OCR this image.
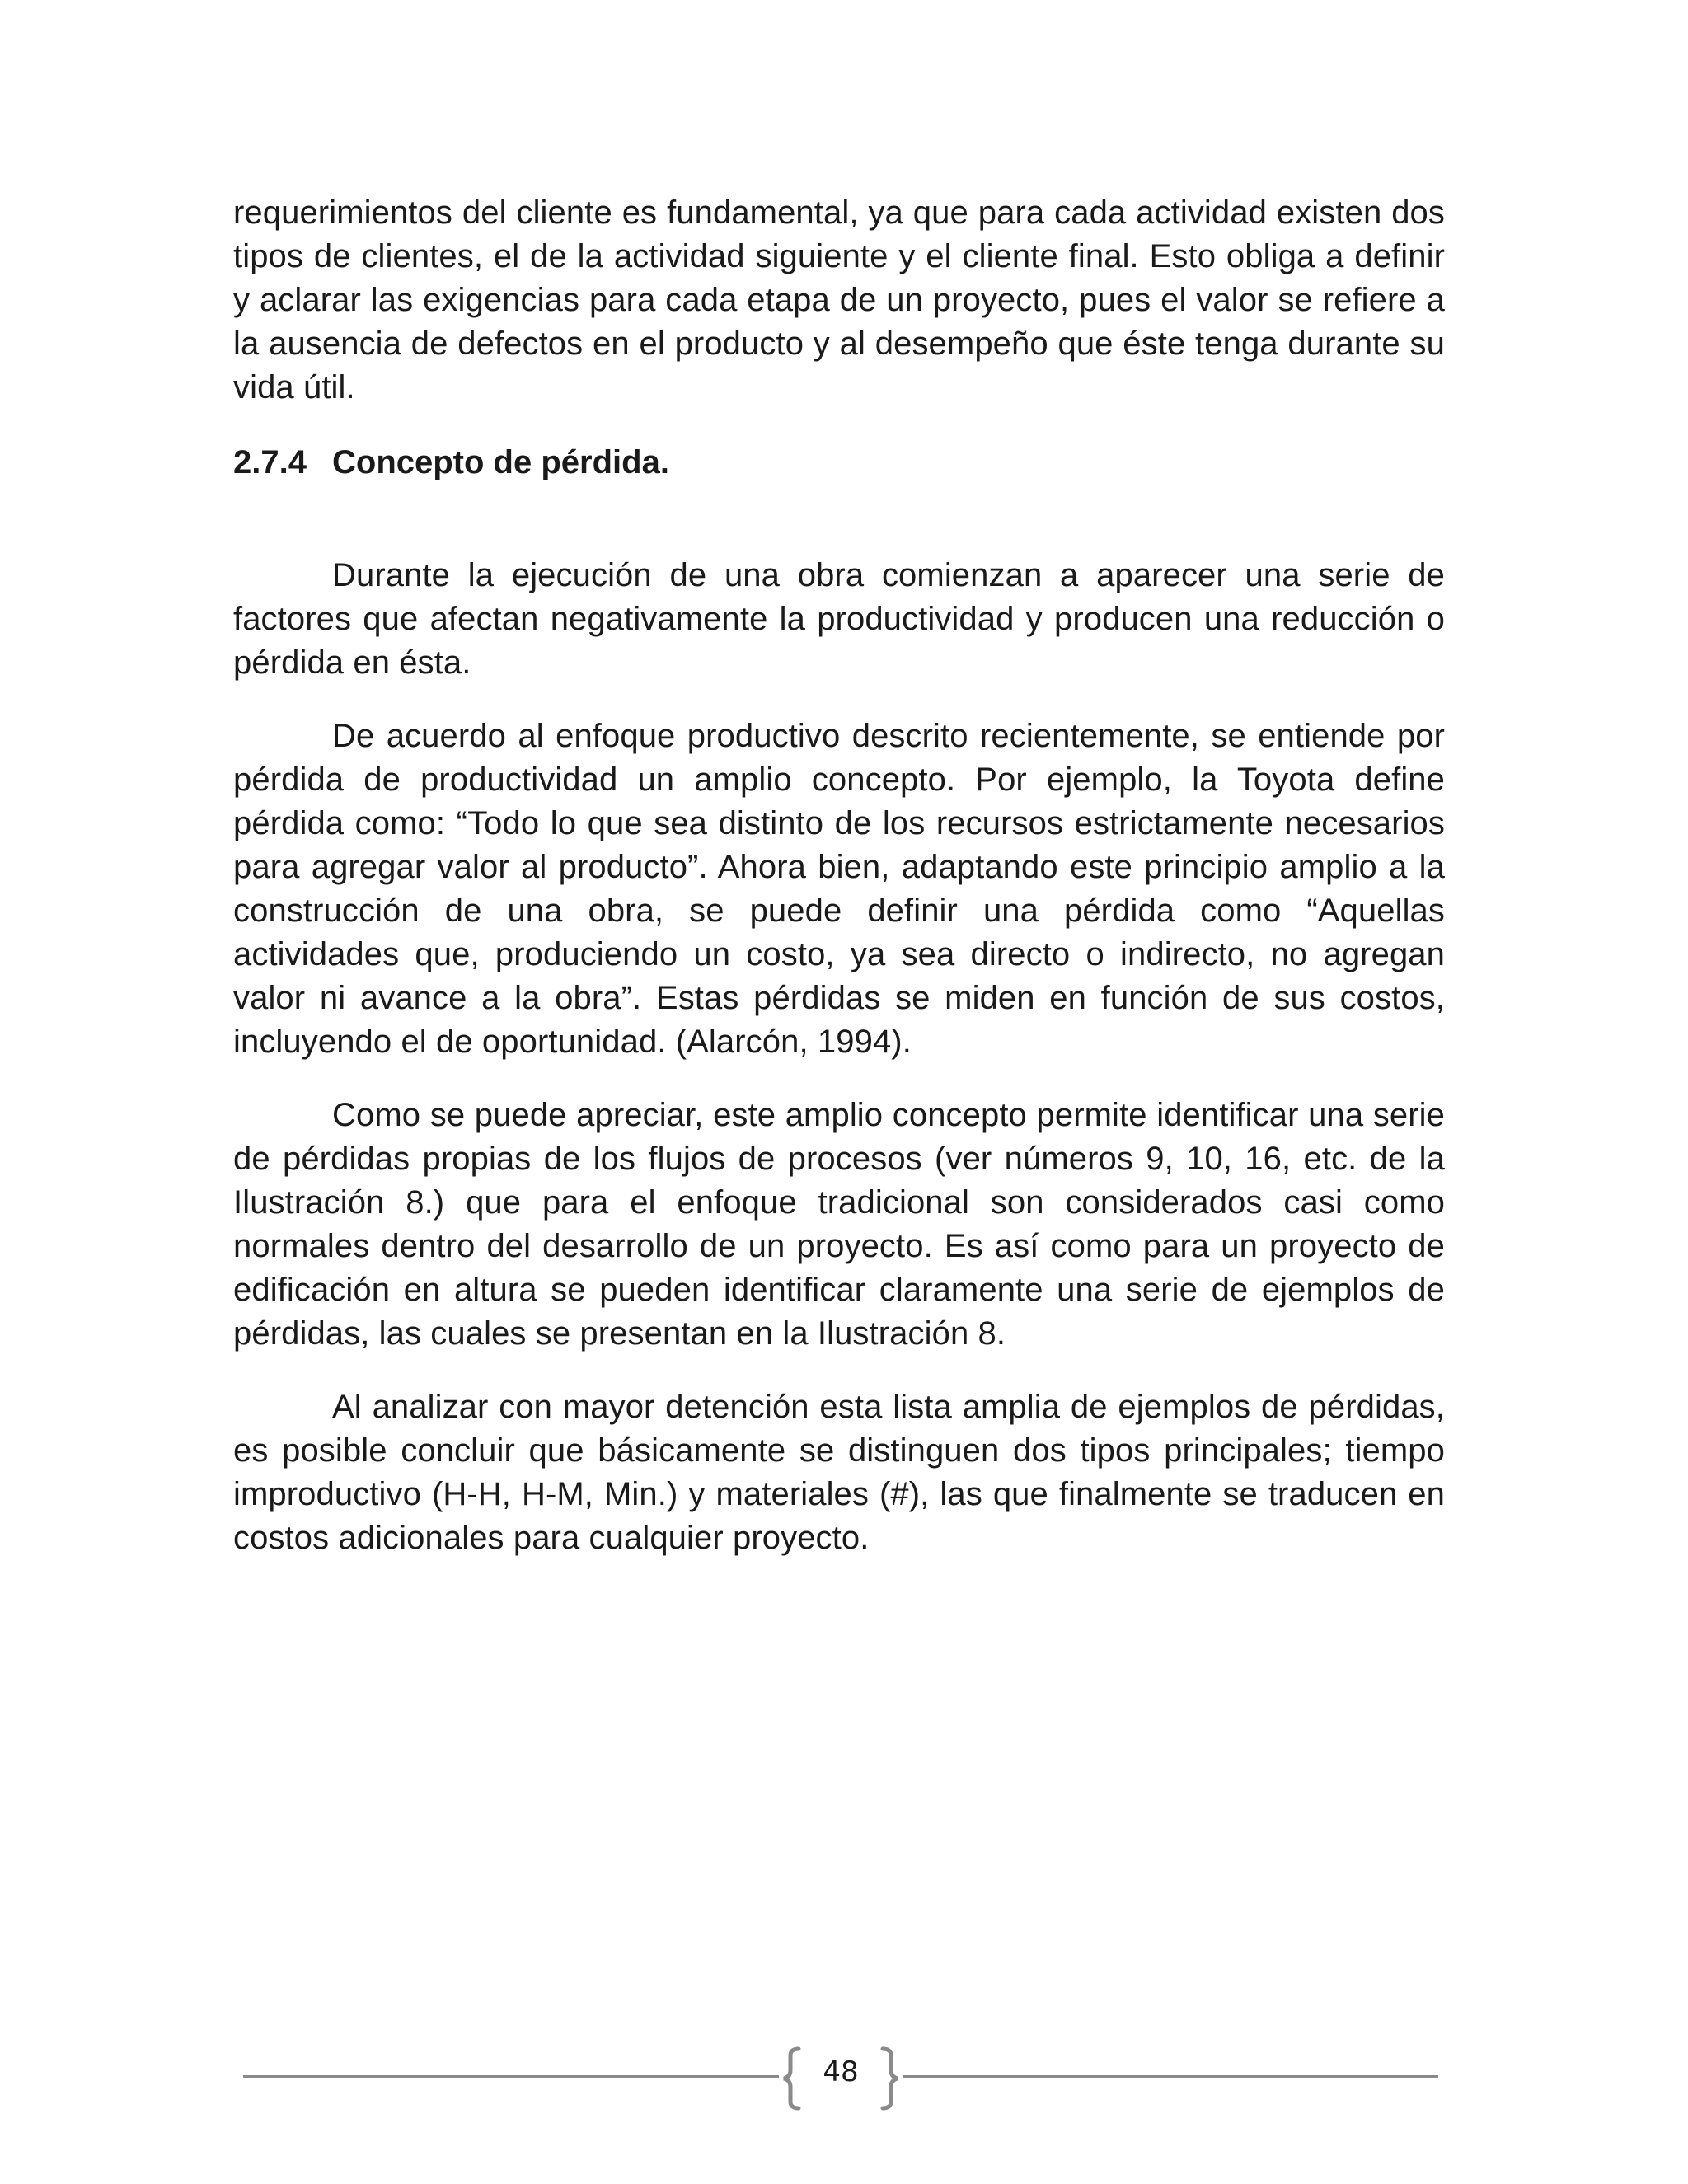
requerimientos del cliente es fundamental, ya que para cada actividad existen dos tipos de clientes, el de la actividad siguiente y el cliente final. Esto obliga a definir y aclarar las exigencias para cada etapa de un proyecto, pues el valor se refiere a la ausencia de defectos en el producto y al desempeño que éste tenga durante su vida útil.

2.7.4 Concepto de pérdida.

Durante la ejecución de una obra comienzan a aparecer una serie de factores que afectan negativamente la productividad y producen una reducción o pérdida en ésta.

De acuerdo al enfoque productivo descrito recientemente, se entiende por pérdida de productividad un amplio concepto. Por ejemplo, la Toyota define pérdida como: “Todo lo que sea distinto de los recursos estrictamente necesarios para agregar valor al producto”. Ahora bien, adaptando este principio amplio a la construcción de una obra, se puede definir una pérdida como “Aquellas actividades que, produciendo un costo, ya sea directo o indirecto, no agregan valor ni avance a la obra”. Estas pérdidas se miden en función de sus costos, incluyendo el de oportunidad. (Alarcón, 1994).

Como se puede apreciar, este amplio concepto permite identificar una serie de pérdidas propias de los flujos de procesos (ver números 9, 10, 16, etc. de la Ilustración 8.) que para el enfoque tradicional son considerados casi como normales dentro del desarrollo de un proyecto. Es así como para un proyecto de edificación en altura se pueden identificar claramente una serie de ejemplos de pérdidas, las cuales se presentan en la Ilustración 8.

Al analizar con mayor detención esta lista amplia de ejemplos de pérdidas, es posible concluir que básicamente se distinguen dos tipos principales; tiempo improductivo (H-H, H-M, Min.) y materiales (#), las que finalmente se traducen en costos adicionales para cualquier proyecto.

48
